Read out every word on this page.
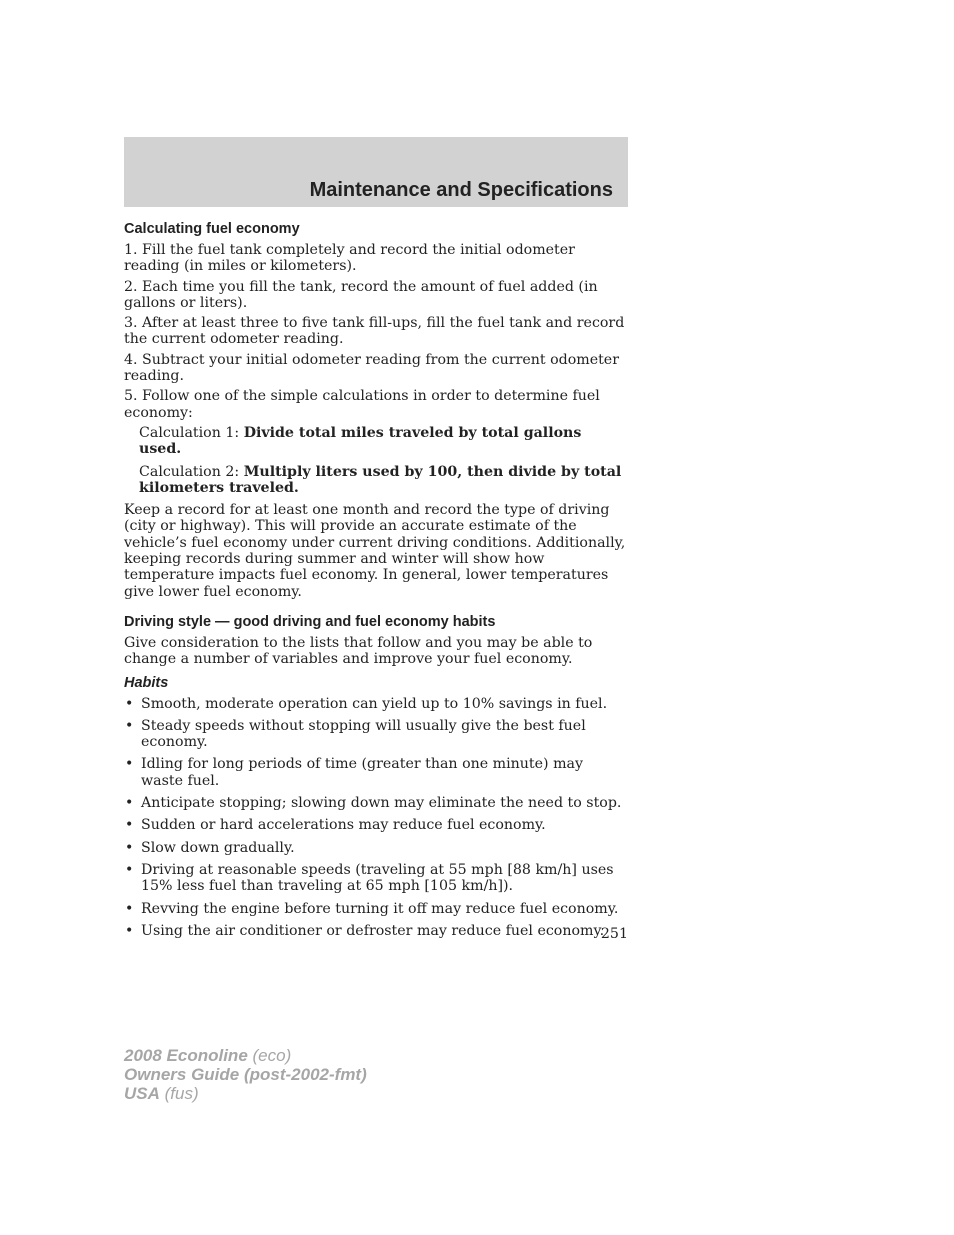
Maintenance and Specifications
Calculating fuel economy

1. Fill the fuel tank completely and record the initial odometer reading (in miles or kilometers).

2. Each time you fill the tank, record the amount of fuel added (in gallons or liters).

3. After at least three to five tank fill-ups, fill the fuel tank and record the current odometer reading.

4. Subtract your initial odometer reading from the current odometer reading.

5. Follow one of the simple calculations in order to determine fuel economy:

Calculation 1: Divide total miles traveled by total gallons used.

Calculation 2: Multiply liters used by 100, then divide by total kilometers traveled.

Keep a record for at least one month and record the type of driving (city or highway). This will provide an accurate estimate of the vehicle’s fuel economy under current driving conditions. Additionally, keeping records during summer and winter will show how temperature impacts fuel economy. In general, lower temperatures give lower fuel economy.

Driving style — good driving and fuel economy habits

Give consideration to the lists that follow and you may be able to change a number of variables and improve your fuel economy.

Habits
• Smooth, moderate operation can yield up to 10% savings in fuel.
• Steady speeds without stopping will usually give the best fuel economy.
• Idling for long periods of time (greater than one minute) may waste fuel.
• Anticipate stopping; slowing down may eliminate the need to stop.
• Sudden or hard accelerations may reduce fuel economy.
• Slow down gradually.
• Driving at reasonable speeds (traveling at 55 mph [88 km/h] uses 15% less fuel than traveling at 65 mph [105 km/h]).
• Revving the engine before turning it off may reduce fuel economy.
• Using the air conditioner or defroster may reduce fuel economy.
251
2008 Econoline (eco)
Owners Guide (post-2002-fmt)
USA (fus)
